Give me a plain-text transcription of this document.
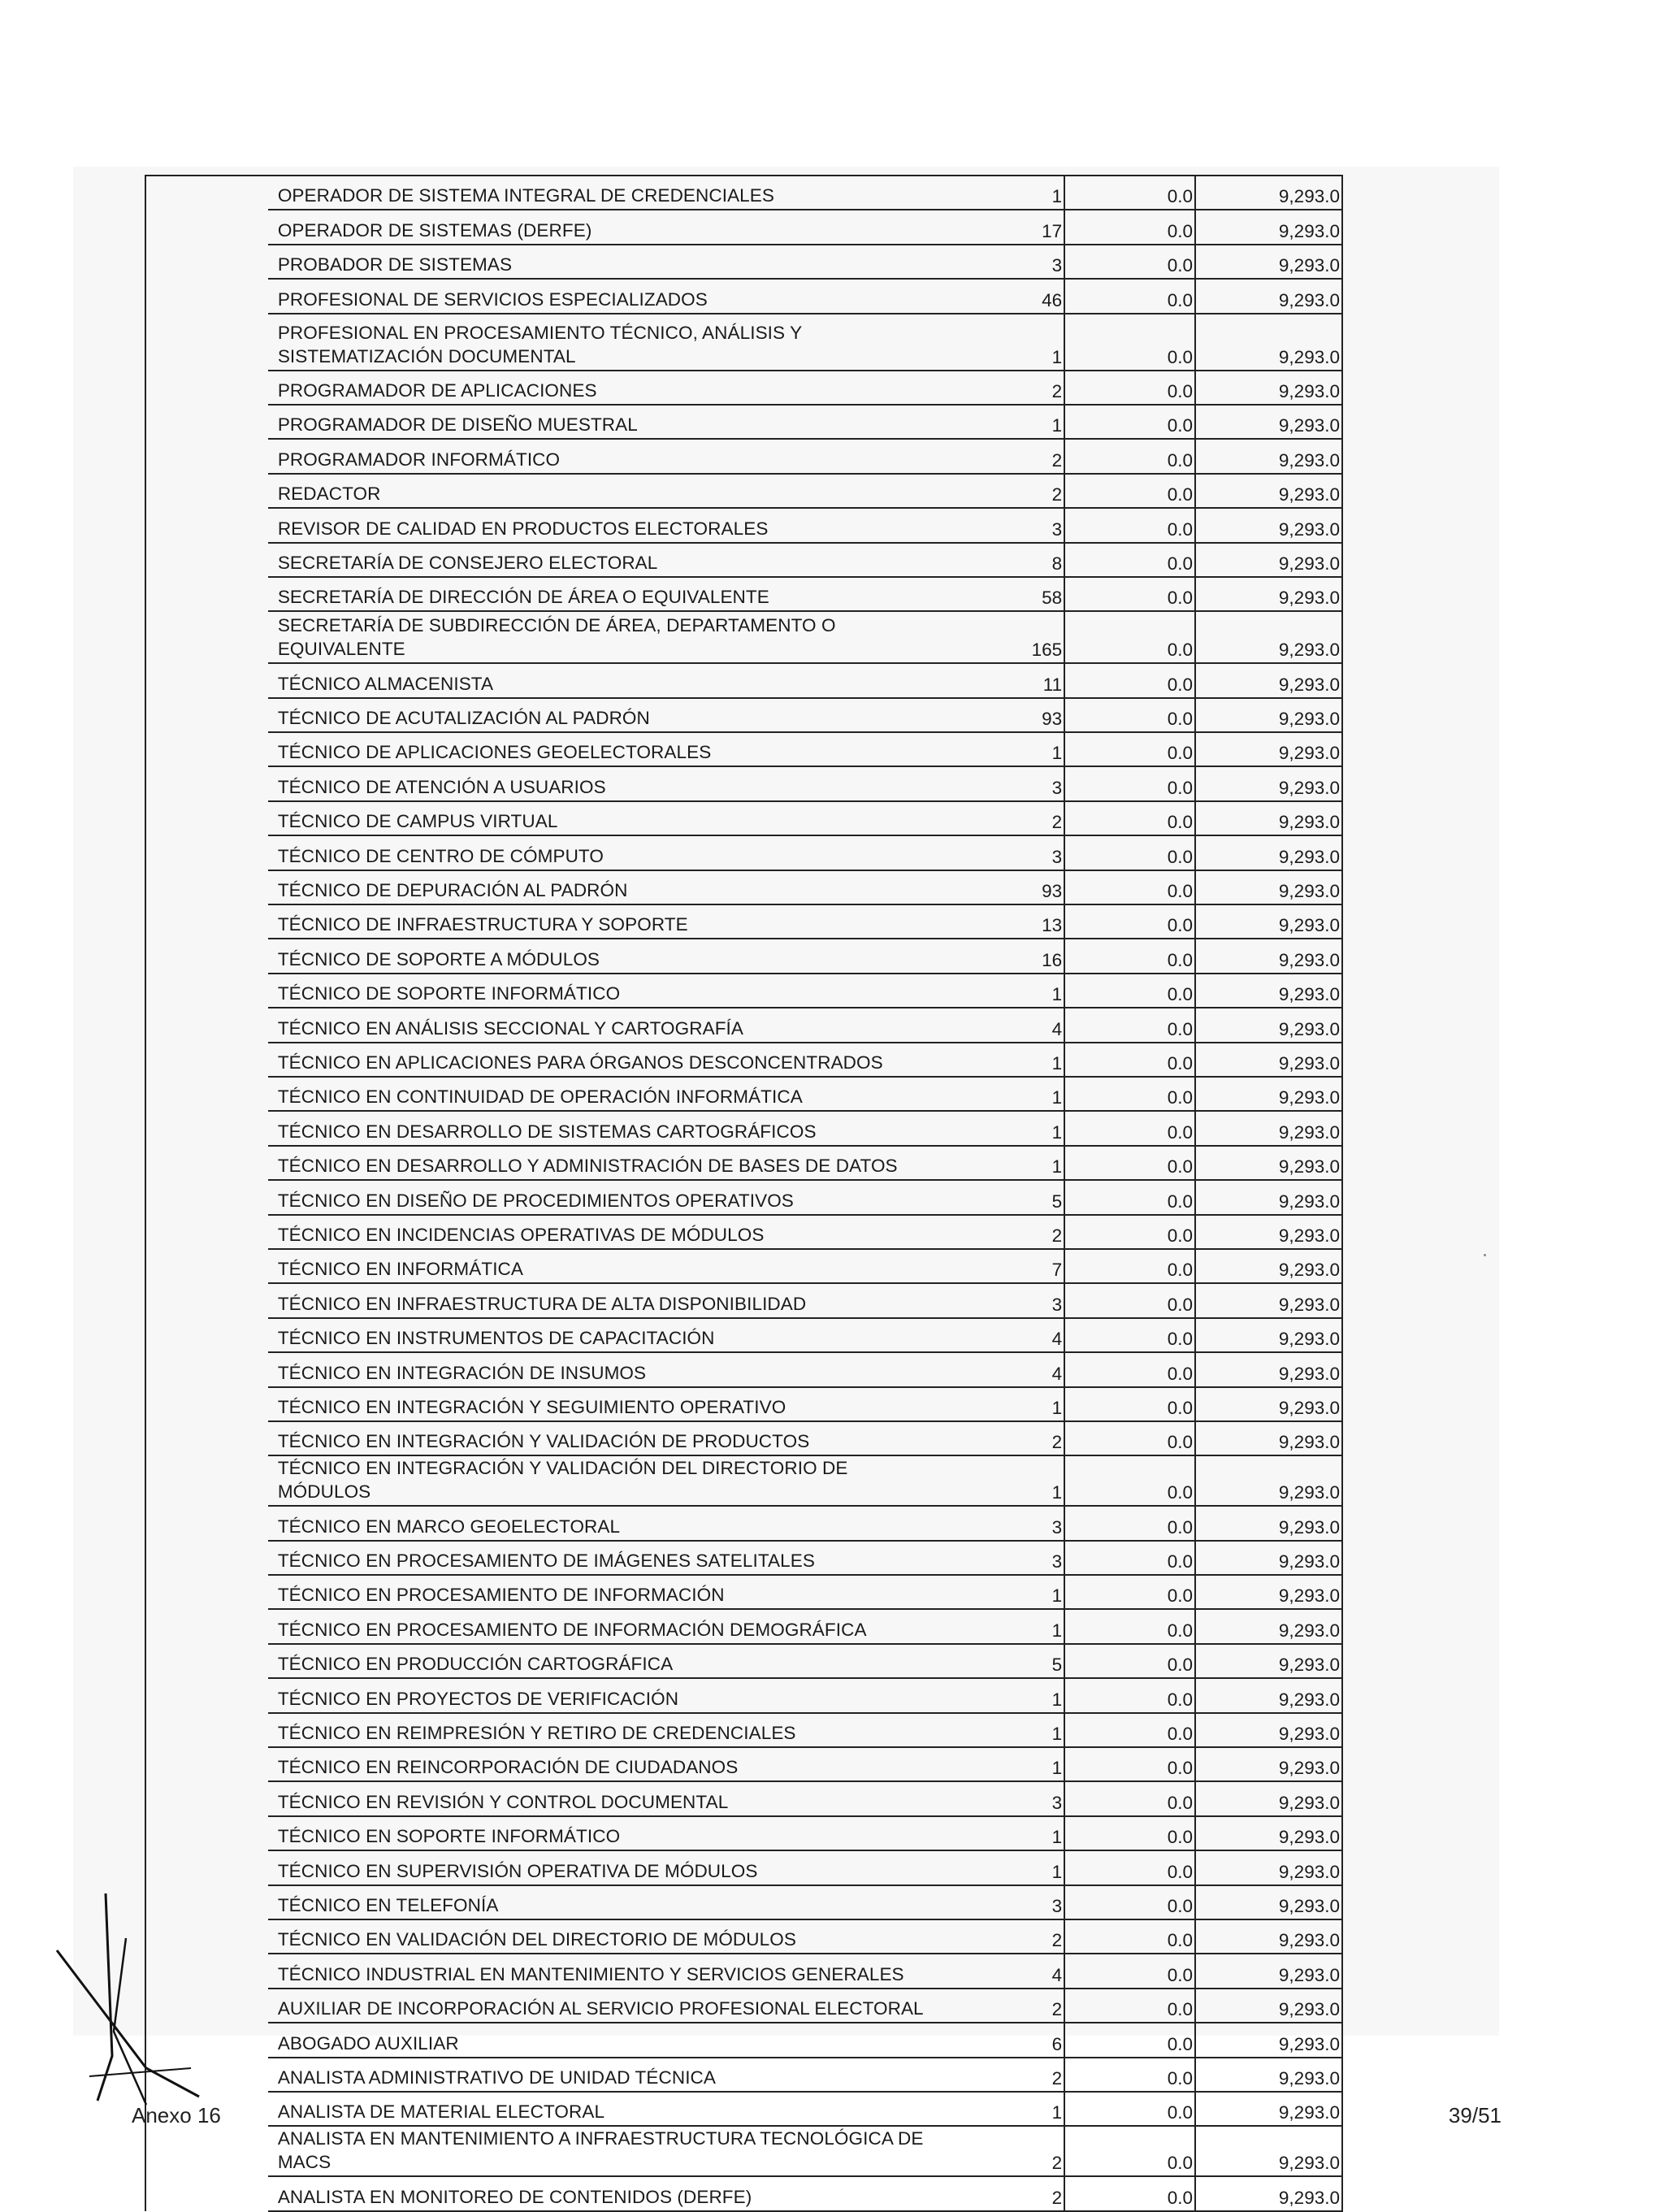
	OPERADOR DE SISTEMA INTEGRAL DE CREDENCIALES	1	0.0	9,293.0
	OPERADOR DE SISTEMAS (DERFE)	17	0.0	9,293.0
	PROBADOR DE SISTEMAS	3	0.0	9,293.0
	PROFESIONAL DE SERVICIOS ESPECIALIZADOS	46	0.0	9,293.0
	PROFESIONAL EN PROCESAMIENTO TÉCNICO, ANÁLISIS Y SISTEMATIZACIÓN DOCUMENTAL	1	0.0	9,293.0
	PROGRAMADOR DE APLICACIONES	2	0.0	9,293.0
	PROGRAMADOR DE DISEÑO MUESTRAL	1	0.0	9,293.0
	PROGRAMADOR INFORMÁTICO	2	0.0	9,293.0
	REDACTOR	2	0.0	9,293.0
	REVISOR DE CALIDAD EN PRODUCTOS ELECTORALES	3	0.0	9,293.0
	SECRETARÍA DE CONSEJERO ELECTORAL	8	0.0	9,293.0
	SECRETARÍA DE DIRECCIÓN DE ÁREA O EQUIVALENTE	58	0.0	9,293.0
	SECRETARÍA DE SUBDIRECCIÓN DE ÁREA, DEPARTAMENTO O EQUIVALENTE	165	0.0	9,293.0
	TÉCNICO ALMACENISTA	11	0.0	9,293.0
	TÉCNICO DE ACUTALIZACIÓN AL PADRÓN	93	0.0	9,293.0
	TÉCNICO DE APLICACIONES GEOELECTORALES	1	0.0	9,293.0
	TÉCNICO DE ATENCIÓN A USUARIOS	3	0.0	9,293.0
	TÉCNICO DE CAMPUS VIRTUAL	2	0.0	9,293.0
	TÉCNICO DE CENTRO DE CÓMPUTO	3	0.0	9,293.0
	TÉCNICO DE DEPURACIÓN AL PADRÓN	93	0.0	9,293.0
	TÉCNICO DE INFRAESTRUCTURA Y SOPORTE	13	0.0	9,293.0
	TÉCNICO DE SOPORTE A MÓDULOS	16	0.0	9,293.0
	TÉCNICO DE SOPORTE INFORMÁTICO	1	0.0	9,293.0
	TÉCNICO EN ANÁLISIS SECCIONAL Y CARTOGRAFÍA	4	0.0	9,293.0
	TÉCNICO EN APLICACIONES PARA ÓRGANOS DESCONCENTRADOS	1	0.0	9,293.0
	TÉCNICO EN CONTINUIDAD DE OPERACIÓN INFORMÁTICA	1	0.0	9,293.0
	TÉCNICO EN DESARROLLO DE SISTEMAS CARTOGRÁFICOS	1	0.0	9,293.0
	TÉCNICO EN DESARROLLO Y ADMINISTRACIÓN DE BASES DE DATOS	1	0.0	9,293.0
	TÉCNICO EN DISEÑO DE PROCEDIMIENTOS OPERATIVOS	5	0.0	9,293.0
	TÉCNICO EN INCIDENCIAS OPERATIVAS DE MÓDULOS	2	0.0	9,293.0
	TÉCNICO EN INFORMÁTICA	7	0.0	9,293.0
	TÉCNICO EN INFRAESTRUCTURA DE ALTA DISPONIBILIDAD	3	0.0	9,293.0
	TÉCNICO EN INSTRUMENTOS DE CAPACITACIÓN	4	0.0	9,293.0
	TÉCNICO EN INTEGRACIÓN DE INSUMOS	4	0.0	9,293.0
	TÉCNICO EN INTEGRACIÓN Y SEGUIMIENTO OPERATIVO	1	0.0	9,293.0
	TÉCNICO EN INTEGRACIÓN Y VALIDACIÓN DE PRODUCTOS	2	0.0	9,293.0
	TÉCNICO EN INTEGRACIÓN Y VALIDACIÓN DEL DIRECTORIO DE MÓDULOS	1	0.0	9,293.0
	TÉCNICO EN MARCO GEOELECTORAL	3	0.0	9,293.0
	TÉCNICO EN PROCESAMIENTO DE IMÁGENES SATELITALES	3	0.0	9,293.0
	TÉCNICO EN PROCESAMIENTO DE INFORMACIÓN	1	0.0	9,293.0
	TÉCNICO EN PROCESAMIENTO DE INFORMACIÓN DEMOGRÁFICA	1	0.0	9,293.0
	TÉCNICO EN PRODUCCIÓN CARTOGRÁFICA	5	0.0	9,293.0
	TÉCNICO EN PROYECTOS DE VERIFICACIÓN	1	0.0	9,293.0
	TÉCNICO EN REIMPRESIÓN Y RETIRO DE CREDENCIALES	1	0.0	9,293.0
	TÉCNICO EN REINCORPORACIÓN DE CIUDADANOS	1	0.0	9,293.0
	TÉCNICO EN REVISIÓN Y CONTROL DOCUMENTAL	3	0.0	9,293.0
	TÉCNICO EN SOPORTE INFORMÁTICO	1	0.0	9,293.0
	TÉCNICO EN SUPERVISIÓN OPERATIVA DE MÓDULOS	1	0.0	9,293.0
	TÉCNICO EN TELEFONÍA	3	0.0	9,293.0
	TÉCNICO EN VALIDACIÓN DEL DIRECTORIO DE MÓDULOS	2	0.0	9,293.0
	TÉCNICO INDUSTRIAL EN MANTENIMIENTO Y SERVICIOS GENERALES	4	0.0	9,293.0
	AUXILIAR DE INCORPORACIÓN AL SERVICIO PROFESIONAL ELECTORAL	2	0.0	9,293.0
	ABOGADO AUXILIAR	6	0.0	9,293.0
	ANALISTA ADMINISTRATIVO DE UNIDAD TÉCNICA	2	0.0	9,293.0
	ANALISTA DE MATERIAL ELECTORAL	1	0.0	9,293.0
	ANALISTA EN MANTENIMIENTO A INFRAESTRUCTURA TECNOLÓGICA DE MACS	2	0.0	9,293.0
	ANALISTA EN MONITOREO DE CONTENIDOS (DERFE)	2	0.0	9,293.0
Anexo 16	39/51
